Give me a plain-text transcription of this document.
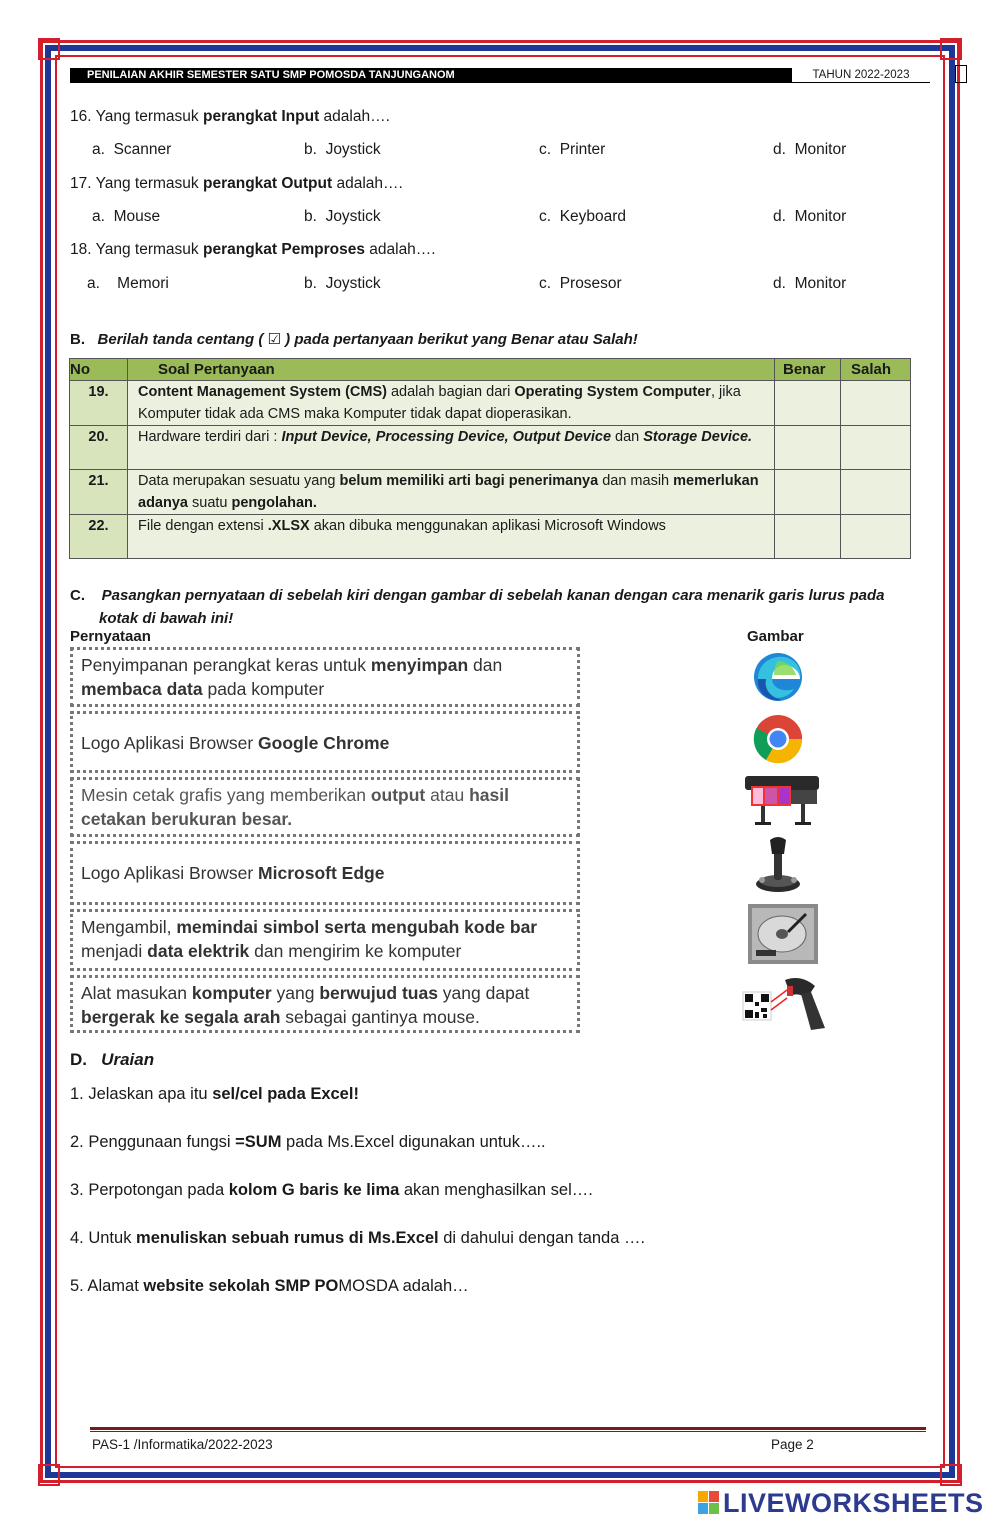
PENILAIAN AKHIR SEMESTER SATU SMP POMOSDA TANJUNGANOM	TAHUN 2022-2023
16. Yang termasuk perangkat Input adalah….
a. Scanner	b. Joystick	c. Printer	d. Monitor
17. Yang termasuk perangkat Output adalah….
a. Mouse	b. Joystick	c. Keyboard	d. Monitor
18. Yang termasuk perangkat Pemproses adalah….
a. Memori	b. Joystick	c. Prosesor	d. Monitor
B. Berilah tanda centang ( ☑ ) pada pertanyaan berikut yang Benar atau Salah!
No	Soal Pertanyaan	Benar	Salah
19.	Content Management System (CMS) adalah bagian dari Operating System Computer, jika Komputer tidak ada CMS maka Komputer tidak dapat dioperasikan.		
20.	Hardware terdiri dari : Input Device, Processing Device, Output Device dan Storage Device.		
21.	Data merupakan sesuatu yang belum memiliki arti bagi penerimanya dan masih memerlukan adanya suatu pengolahan.		
22.	File dengan extensi .XLSX akan dibuka menggunakan aplikasi Microsoft Windows		
C. Pasangkan pernyataan di sebelah kiri dengan gambar di sebelah kanan dengan cara menarik garis lurus pada
kotak di bawah ini!
Pernyataan	Gambar
Penyimpanan perangkat keras untuk menyimpan dan
membaca data pada komputer
Logo Aplikasi Browser Google Chrome
Mesin cetak grafis yang memberikan output atau hasil cetakan berukuran besar.
Logo Aplikasi Browser Microsoft Edge
Mengambil, memindai simbol serta mengubah kode bar
menjadi data elektrik dan mengirim ke komputer
Alat masukan komputer yang berwujud tuas yang dapat
bergerak ke segala arah sebagai gantinya mouse.
D. Uraian
1. Jelaskan apa itu sel/cel pada Excel!
2. Penggunaan fungsi =SUM pada Ms.Excel digunakan untuk…..
3. Perpotongan pada kolom G baris ke lima akan menghasilkan sel….
4. Untuk menuliskan sebuah rumus di Ms.Excel di dahului dengan tanda ….
5. Alamat website sekolah SMP POMOSDA adalah…
PAS-1 /Informatika/2022-2023	Page 2
LIVEWORKSHEETS
